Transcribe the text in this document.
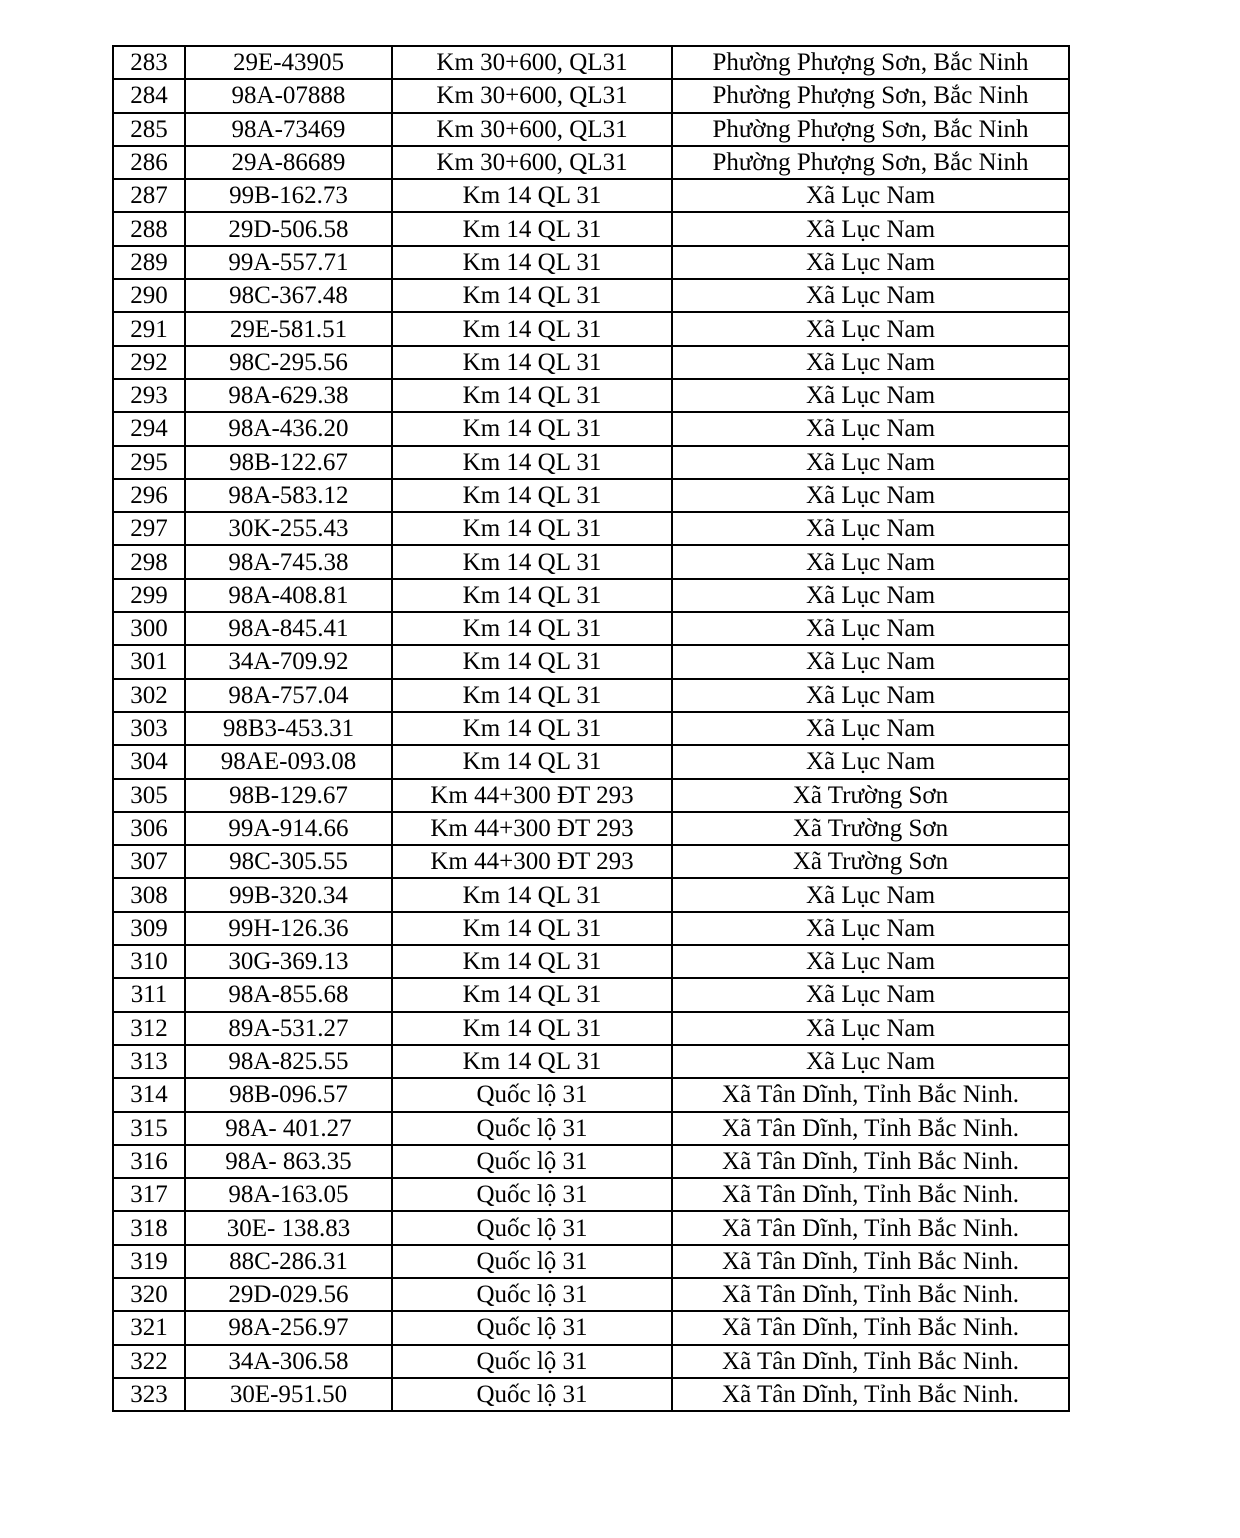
283	29E-43905	Km 30+600, QL31	Phường Phượng Sơn, Bắc Ninh
284	98A-07888	Km 30+600, QL31	Phường Phượng Sơn, Bắc Ninh
285	98A-73469	Km 30+600, QL31	Phường Phượng Sơn, Bắc Ninh
286	29A-86689	Km 30+600, QL31	Phường Phượng Sơn, Bắc Ninh
287	99B-162.73	Km 14 QL 31	Xã Lục Nam
288	29D-506.58	Km 14 QL 31	Xã Lục Nam
289	99A-557.71	Km 14 QL 31	Xã Lục Nam
290	98C-367.48	Km 14 QL 31	Xã Lục Nam
291	29E-581.51	Km 14 QL 31	Xã Lục Nam
292	98C-295.56	Km 14 QL 31	Xã Lục Nam
293	98A-629.38	Km 14 QL 31	Xã Lục Nam
294	98A-436.20	Km 14 QL 31	Xã Lục Nam
295	98B-122.67	Km 14 QL 31	Xã Lục Nam
296	98A-583.12	Km 14 QL 31	Xã Lục Nam
297	30K-255.43	Km 14 QL 31	Xã Lục Nam
298	98A-745.38	Km 14 QL 31	Xã Lục Nam
299	98A-408.81	Km 14 QL 31	Xã Lục Nam
300	98A-845.41	Km 14 QL 31	Xã Lục Nam
301	34A-709.92	Km 14 QL 31	Xã Lục Nam
302	98A-757.04	Km 14 QL 31	Xã Lục Nam
303	98B3-453.31	Km 14 QL 31	Xã Lục Nam
304	98AE-093.08	Km 14 QL 31	Xã Lục Nam
305	98B-129.67	Km 44+300 ĐT 293	Xã Trường Sơn
306	99A-914.66	Km 44+300 ĐT 293	Xã Trường Sơn
307	98C-305.55	Km 44+300 ĐT 293	Xã Trường Sơn
308	99B-320.34	Km 14 QL 31	Xã Lục Nam
309	99H-126.36	Km 14 QL 31	Xã Lục Nam
310	30G-369.13	Km 14 QL 31	Xã Lục Nam
311	98A-855.68	Km 14 QL 31	Xã Lục Nam
312	89A-531.27	Km 14 QL 31	Xã Lục Nam
313	98A-825.55	Km 14 QL 31	Xã Lục Nam
314	98B-096.57	Quốc lộ 31	Xã Tân Dĩnh, Tỉnh Bắc Ninh.
315	98A- 401.27	Quốc lộ 31	Xã Tân Dĩnh, Tỉnh Bắc Ninh.
316	98A- 863.35	Quốc lộ 31	Xã Tân Dĩnh, Tỉnh Bắc Ninh.
317	98A-163.05	Quốc lộ 31	Xã Tân Dĩnh, Tỉnh Bắc Ninh.
318	30E- 138.83	Quốc lộ 31	Xã Tân Dĩnh, Tỉnh Bắc Ninh.
319	88C-286.31	Quốc lộ 31	Xã Tân Dĩnh, Tỉnh Bắc Ninh.
320	29D-029.56	Quốc lộ 31	Xã Tân Dĩnh, Tỉnh Bắc Ninh.
321	98A-256.97	Quốc lộ 31	Xã Tân Dĩnh, Tỉnh Bắc Ninh.
322	34A-306.58	Quốc lộ 31	Xã Tân Dĩnh, Tỉnh Bắc Ninh.
323	30E-951.50	Quốc lộ 31	Xã Tân Dĩnh, Tỉnh Bắc Ninh.
